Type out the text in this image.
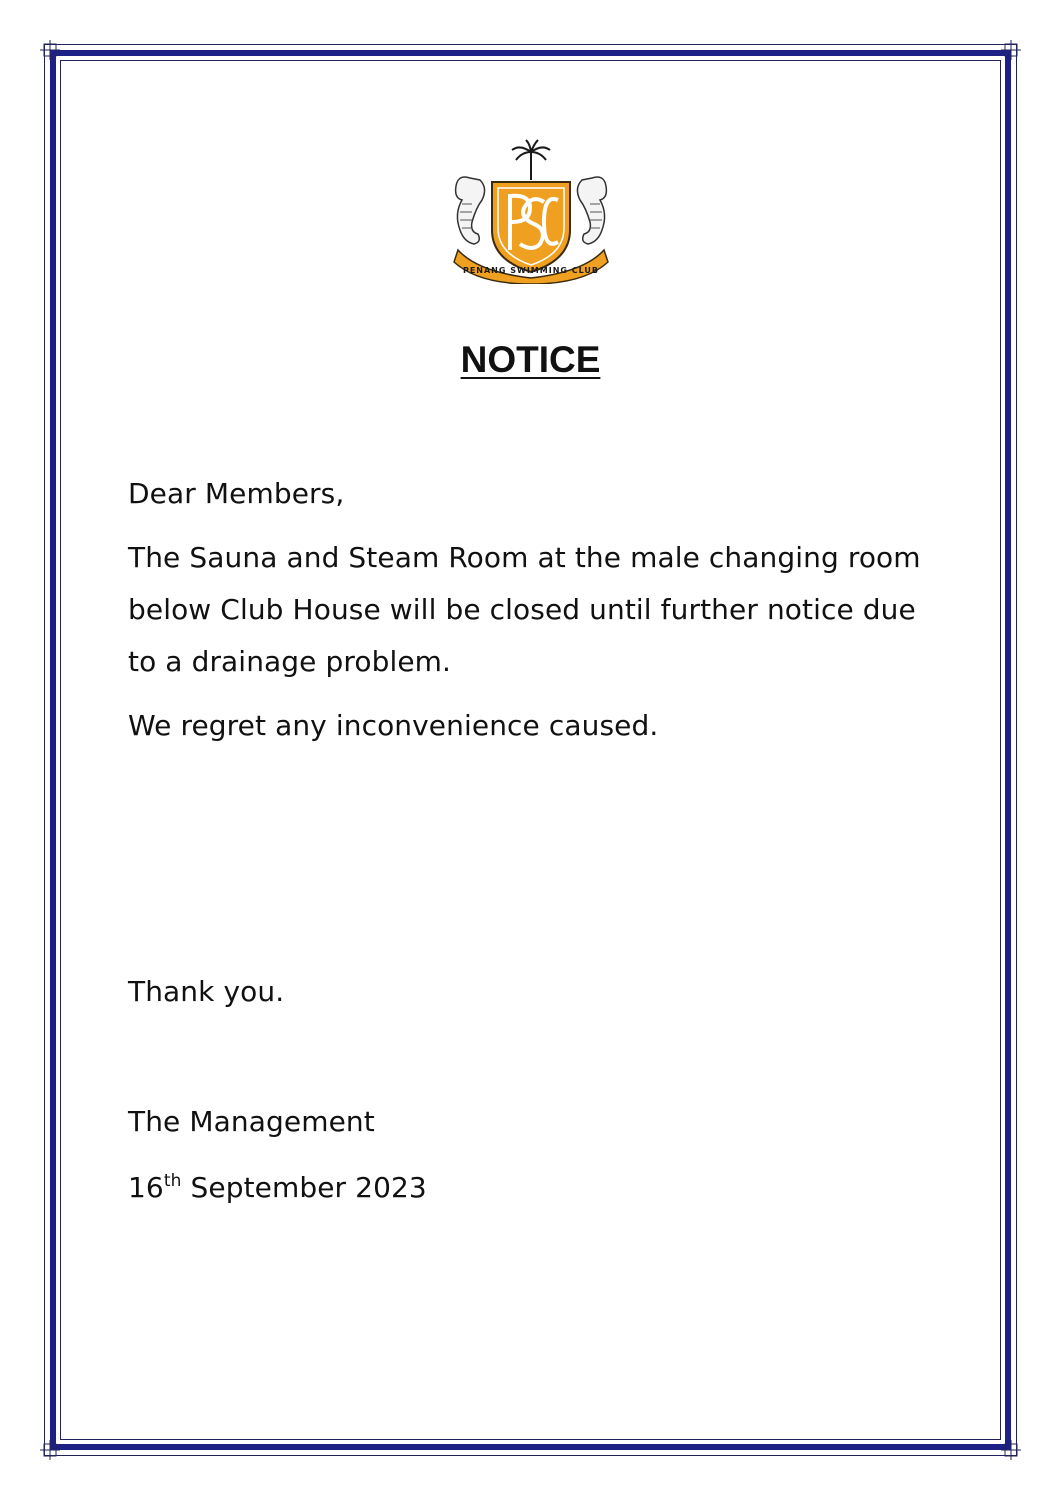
PENANG SWIMMING CLUB
NOTICE

Dear Members,

The Sauna and Steam Room at the male changing room below Club House will be closed until further notice due to a drainage problem.

We regret any inconvenience caused.

Thank you.

The Management

16th September 2023
